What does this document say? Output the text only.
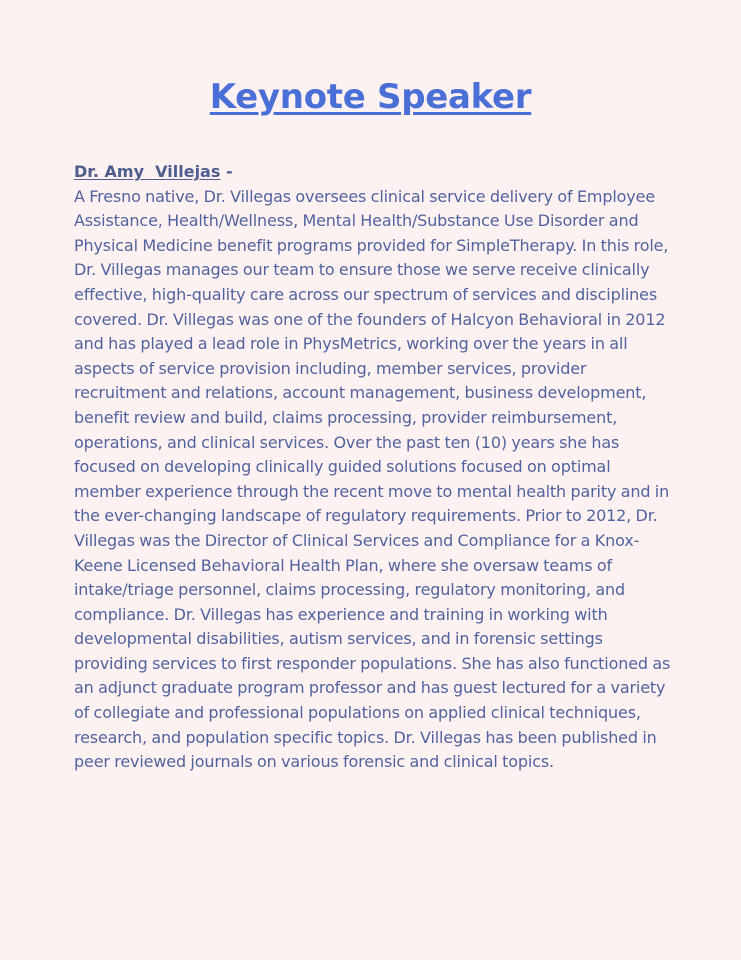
Keynote Speaker
Dr. Amy  Villejas -

A Fresno native, Dr. Villegas oversees clinical service delivery of Employee Assistance, Health/Wellness, Mental Health/Substance Use Disorder and Physical Medicine benefit programs provided for SimpleTherapy. In this role, Dr. Villegas manages our team to ensure those we serve receive clinically effective, high-quality care across our spectrum of services and disciplines covered. Dr. Villegas was one of the founders of Halcyon Behavioral in 2012 and has played a lead role in PhysMetrics, working over the years in all aspects of service provision including, member services, provider recruitment and relations, account management, business development, benefit review and build, claims processing, provider reimbursement, operations, and clinical services. Over the past ten (10) years she has focused on developing clinically guided solutions focused on optimal member experience through the recent move to mental health parity and in the ever-changing landscape of regulatory requirements. Prior to 2012, Dr. Villegas was the Director of Clinical Services and Compliance for a Knox-Keene Licensed Behavioral Health Plan, where she oversaw teams of intake/triage personnel, claims processing, regulatory monitoring, and compliance. Dr. Villegas has experience and training in working with developmental disabilities, autism services, and in forensic settings providing services to first responder populations. She has also functioned as an adjunct graduate program professor and has guest lectured for a variety of collegiate and professional populations on applied clinical techniques, research, and population specific topics. Dr. Villegas has been published in peer reviewed journals on various forensic and clinical topics.
